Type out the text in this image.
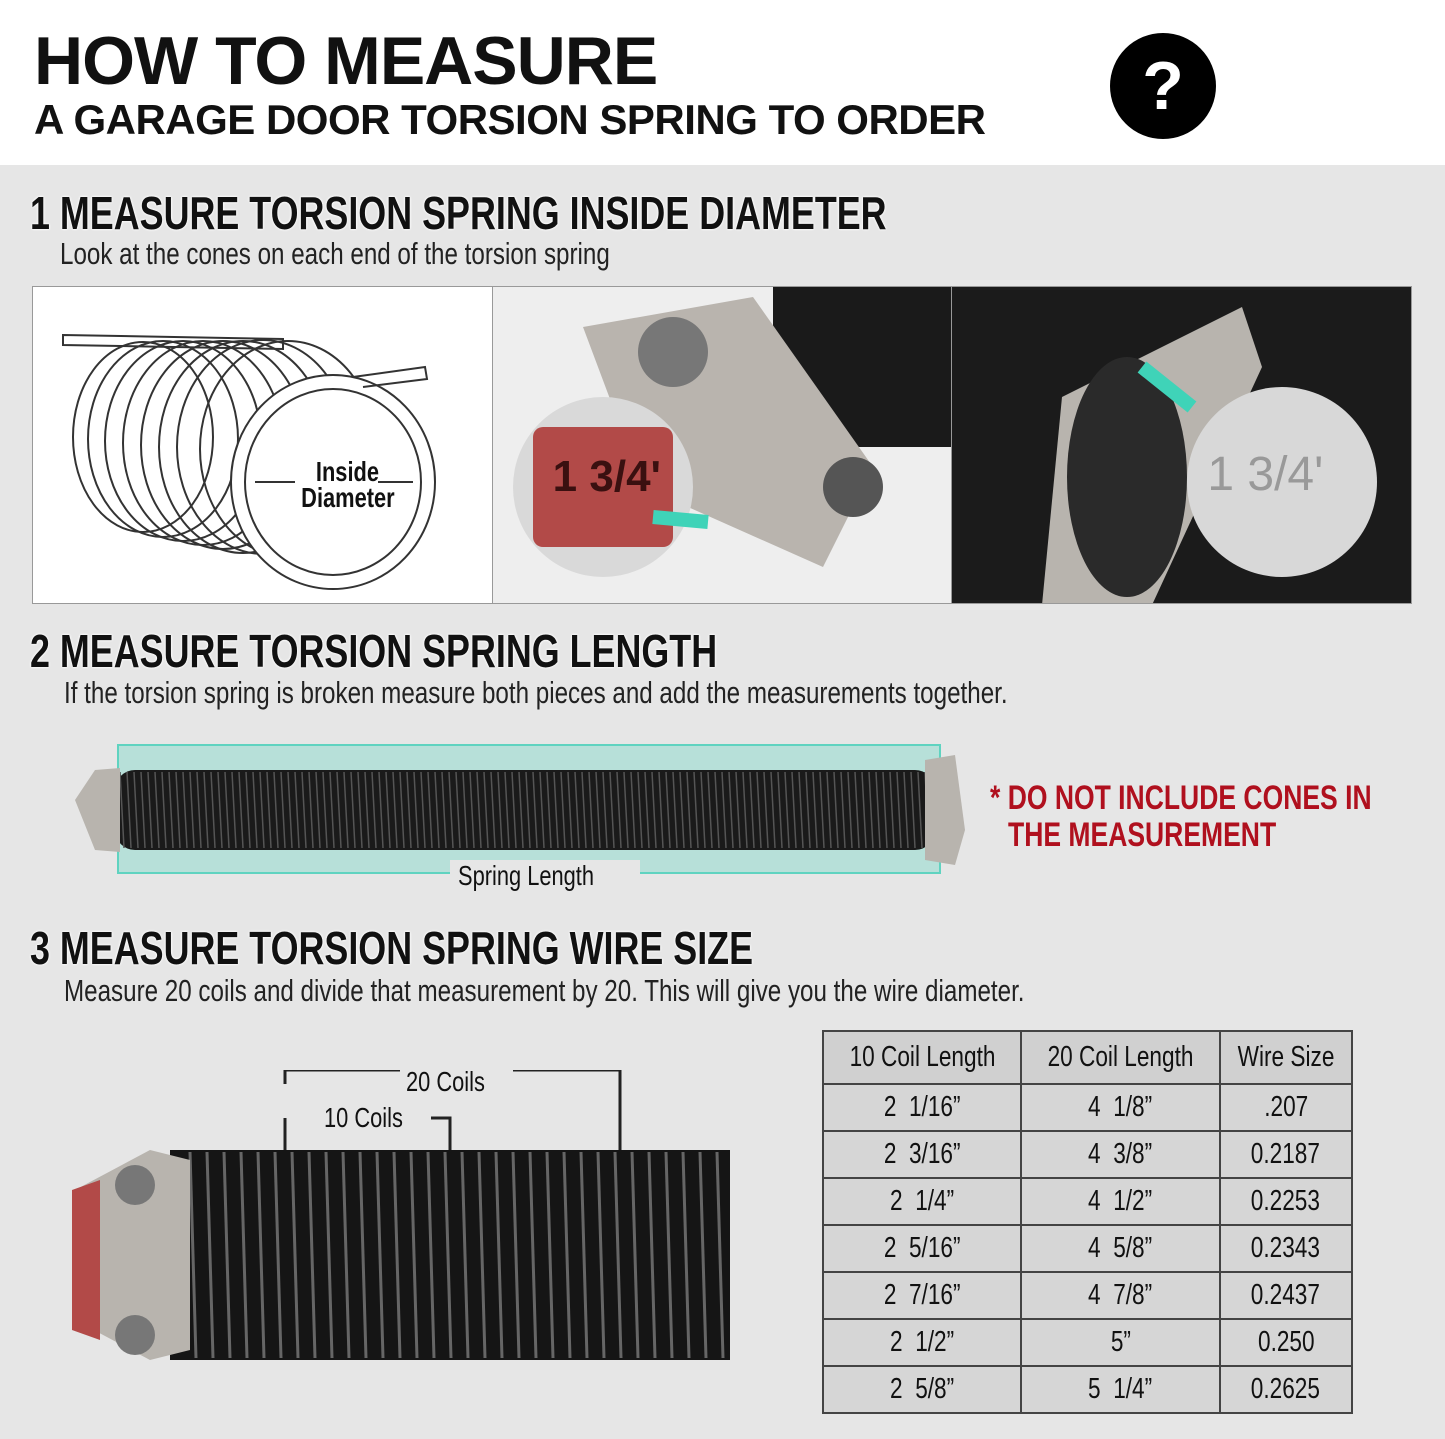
HOW TO MEASURE
A GARAGE DOOR TORSION SPRING TO ORDER	?
1 MEASURE TORSION SPRING INSIDE DIAMETER
Look at the cones on each end of the torsion spring
Inside
Diameter	1 3/4'	1 3/4'
2 MEASURE TORSION SPRING LENGTH
If the torsion spring is broken measure both pieces and add the measurements together.
Spring Length
* DO NOT INCLUDE CONES IN
THE MEASUREMENT
3 MEASURE TORSION SPRING WIRE SIZE
Measure 20 coils and divide that measurement by 20. This will give you the wire diameter.
20 Coils
10 Coils
10 Coil Length	20 Coil Length	Wire Size
2  1/16”	4  1/8”	.207
2  3/16”	4  3/8”	0.2187
2  1/4”	4  1/2”	0.2253
2  5/16”	4  5/8”	0.2343
2  7/16”	4  7/8”	0.2437
2  1/2”	5”	0.250
2  5/8”	5  1/4”	0.2625
